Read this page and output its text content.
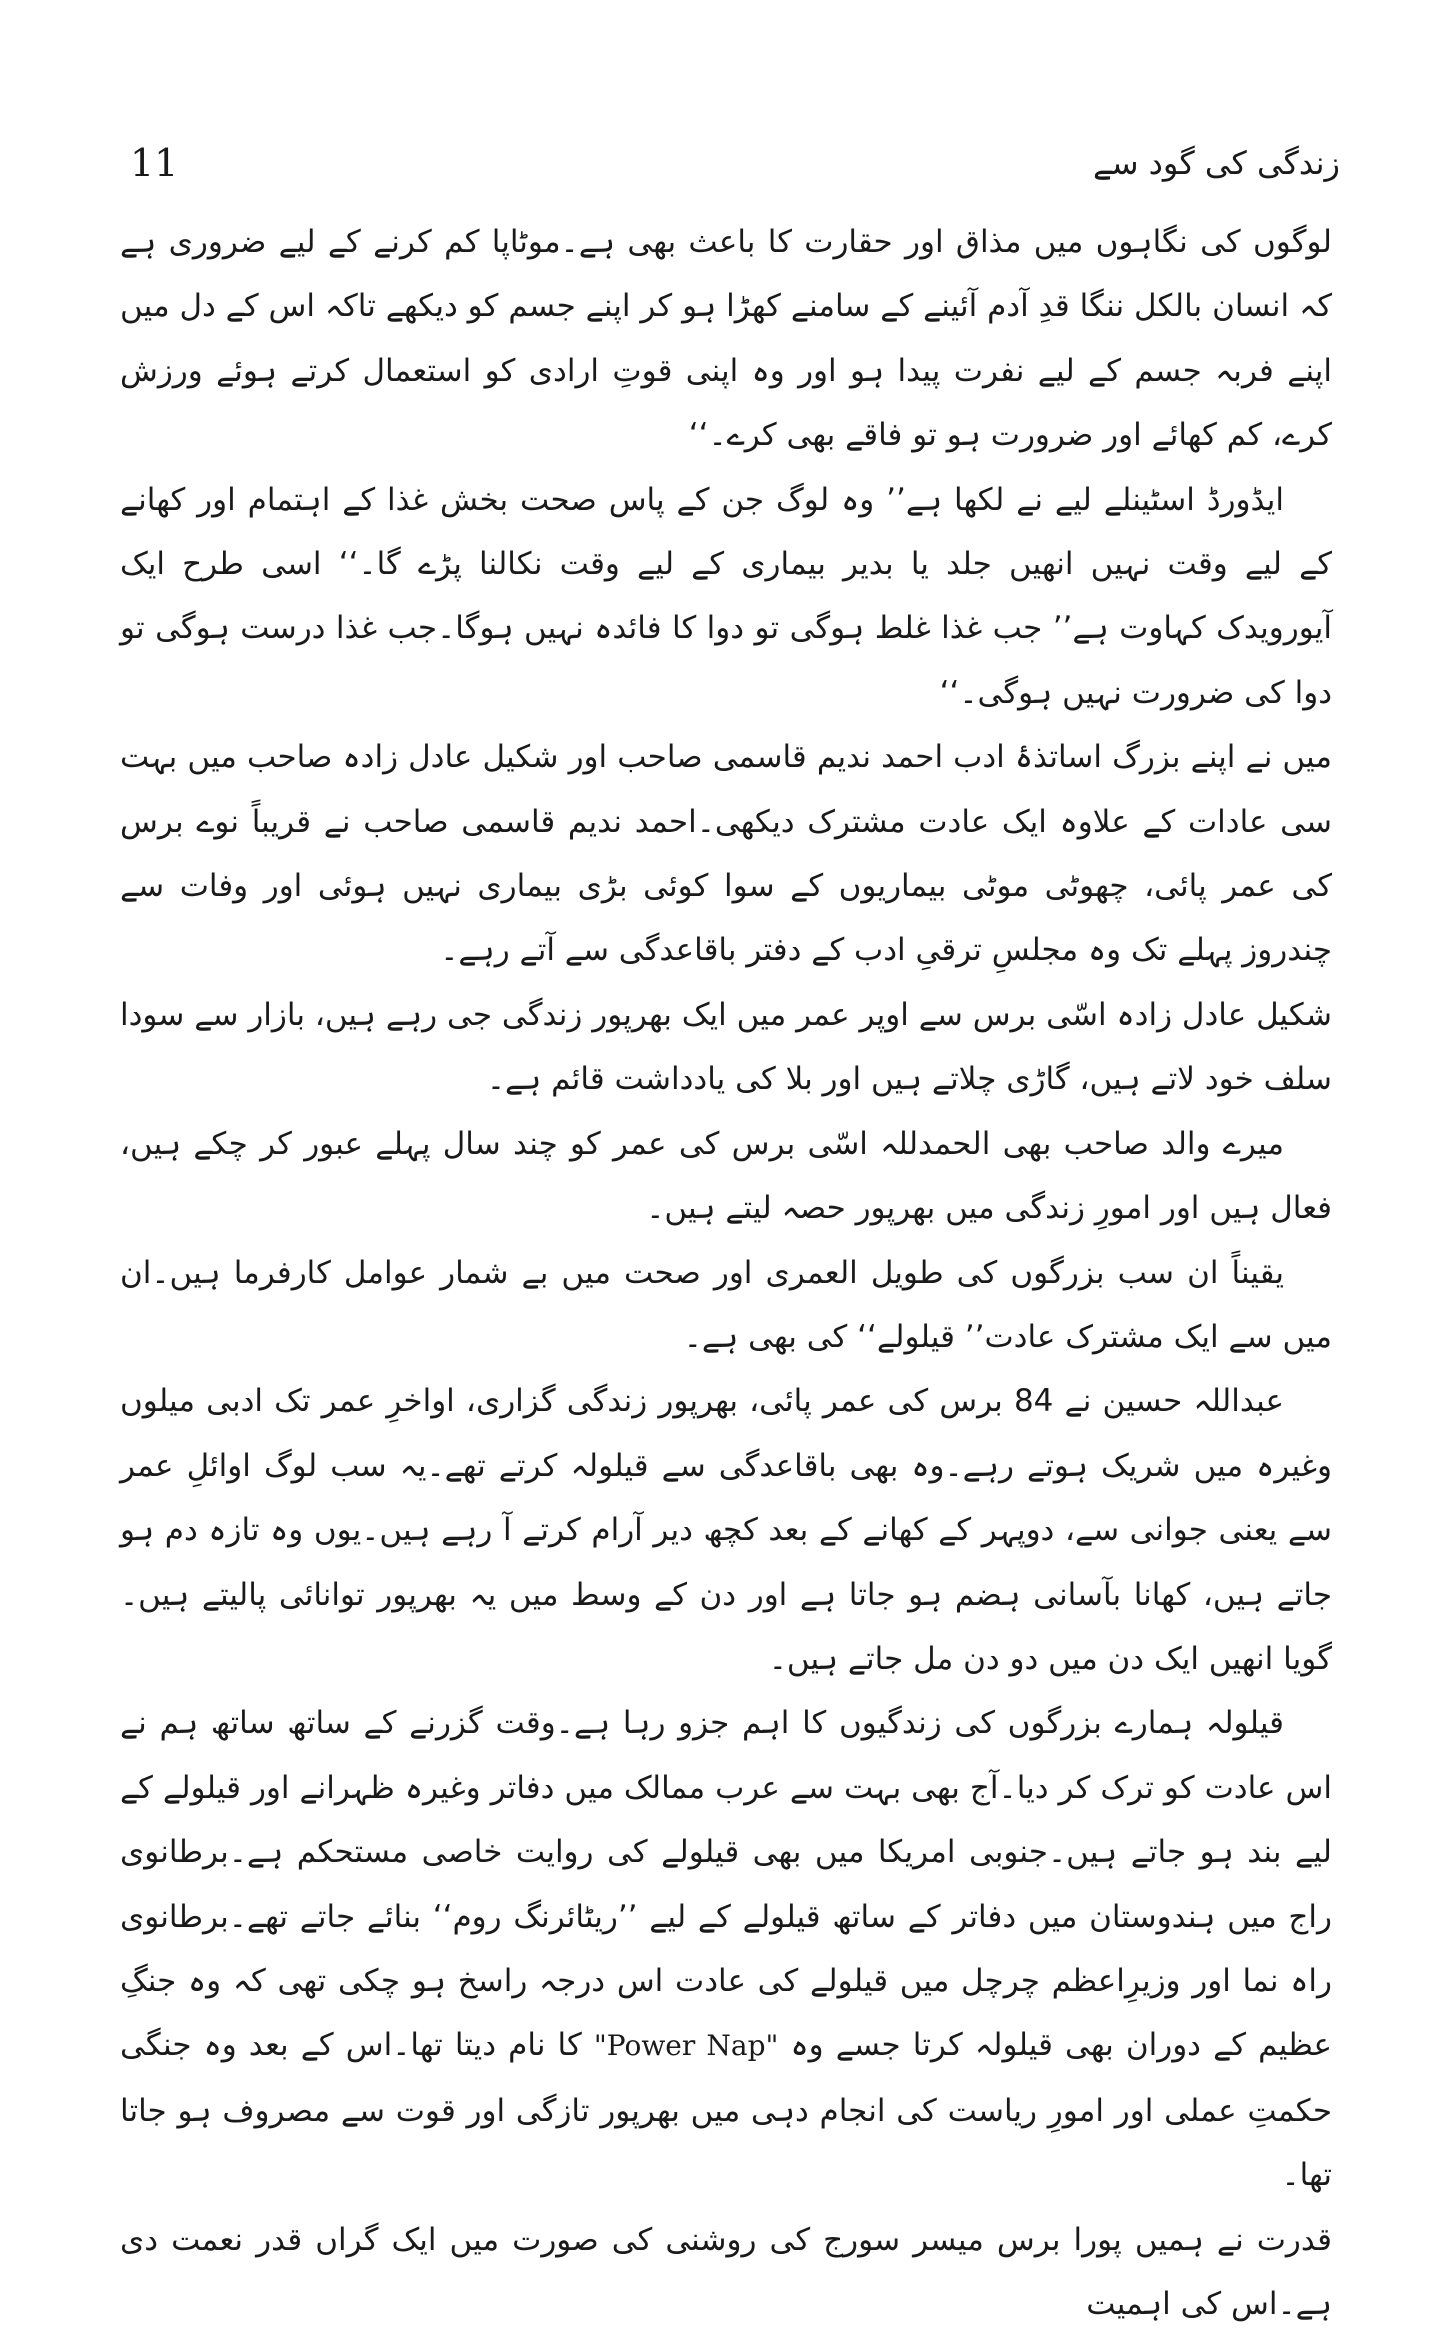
زندگی کی گود سے
11

لوگوں کی نگاہوں میں مذاق اور حقارت کا باعث بھی ہے۔موٹاپا کم کرنے کے لیے ضروری ہے کہ انسان بالکل ننگا قدِ آدم آئینے کے سامنے کھڑا ہو کر اپنے جسم کو دیکھے تاکہ اس کے دل میں اپنے فربہ جسم کے لیے نفرت پیدا ہو اور وہ اپنی قوتِ ارادی کو استعمال کرتے ہوئے ورزش کرے، کم کھائے اور ضرورت ہو تو فاقے بھی کرے۔‘‘

ایڈورڈ اسٹینلے لیے نے لکھا ہے’’ وہ لوگ جن کے پاس صحت بخش غذا کے اہتمام اور کھانے کے لیے وقت نہیں انھیں جلد یا بدیر بیماری کے لیے وقت نکالنا پڑے گا۔‘‘ اسی طرح ایک آیورویدک کہاوت ہے’’ جب غذا غلط ہوگی تو دوا کا فائدہ نہیں ہوگا۔جب غذا درست ہوگی تو دوا کی ضرورت نہیں ہوگی۔‘‘

میں نے اپنے بزرگ اساتذۂ ادب احمد ندیم قاسمی صاحب اور شکیل عادل زادہ صاحب میں بہت سی عادات کے علاوہ ایک عادت مشترک دیکھی۔احمد ندیم قاسمی صاحب نے قریباً نوے برس کی عمر پائی، چھوٹی موٹی بیماریوں کے سوا کوئی بڑی بیماری نہیں ہوئی اور وفات سے چندروز پہلے تک وہ مجلسِ ترقیِ ادب کے دفتر باقاعدگی سے آتے رہے۔

شکیل عادل زادہ اسّی برس سے اوپر عمر میں ایک بھرپور زندگی جی رہے ہیں، بازار سے سودا سلف خود لاتے ہیں، گاڑی چلاتے ہیں اور بلا کی یادداشت قائم ہے۔

میرے والد صاحب بھی الحمدللہ اسّی برس کی عمر کو چند سال پہلے عبور کر چکے ہیں، فعال ہیں اور امورِ زندگی میں بھرپور حصہ لیتے ہیں۔

یقیناً ان سب بزرگوں کی طویل العمری اور صحت میں بے شمار عوامل کارفرما ہیں۔ان میں سے ایک مشترک عادت’’ قیلولے‘‘ کی بھی ہے۔

عبداللہ حسین نے 84 برس کی عمر پائی، بھرپور زندگی گزاری، اواخرِ عمر تک ادبی میلوں وغیرہ میں شریک ہوتے رہے۔وہ بھی باقاعدگی سے قیلولہ کرتے تھے۔یہ سب لوگ اوائلِ عمر سے یعنی جوانی سے، دوپہر کے کھانے کے بعد کچھ دیر آرام کرتے آ رہے ہیں۔یوں وہ تازہ دم ہو جاتے ہیں، کھانا بآسانی ہضم ہو جاتا ہے اور دن کے وسط میں یہ بھرپور توانائی پالیتے ہیں۔گویا انھیں ایک دن میں دو دن مل جاتے ہیں۔

قیلولہ ہمارے بزرگوں کی زندگیوں کا اہم جزو رہا ہے۔وقت گزرنے کے ساتھ ساتھ ہم نے اس عادت کو ترک کر دیا۔آج بھی بہت سے عرب ممالک میں دفاتر وغیرہ ظہرانے اور قیلولے کے لیے بند ہو جاتے ہیں۔جنوبی امریکا میں بھی قیلولے کی روایت خاصی مستحکم ہے۔برطانوی راج میں ہندوستان میں دفاتر کے ساتھ قیلولے کے لیے ’’ریٹائرنگ روم‘‘ بنائے جاتے تھے۔برطانوی راہ نما اور وزیرِاعظم چرچل میں قیلولے کی عادت اس درجہ راسخ ہو چکی تھی کہ وہ جنگِ عظیم کے دوران بھی قیلولہ کرتا جسے وہ "Power Nap" کا نام دیتا تھا۔اس کے بعد وہ جنگی حکمتِ عملی اور امورِ ریاست کی انجام دہی میں بھرپور تازگی اور قوت سے مصروف ہو جاتا تھا۔

قدرت نے ہمیں پورا برس میسر سورج کی روشنی کی صورت میں ایک گراں قدر نعمت دی ہے۔اس کی اہمیت
